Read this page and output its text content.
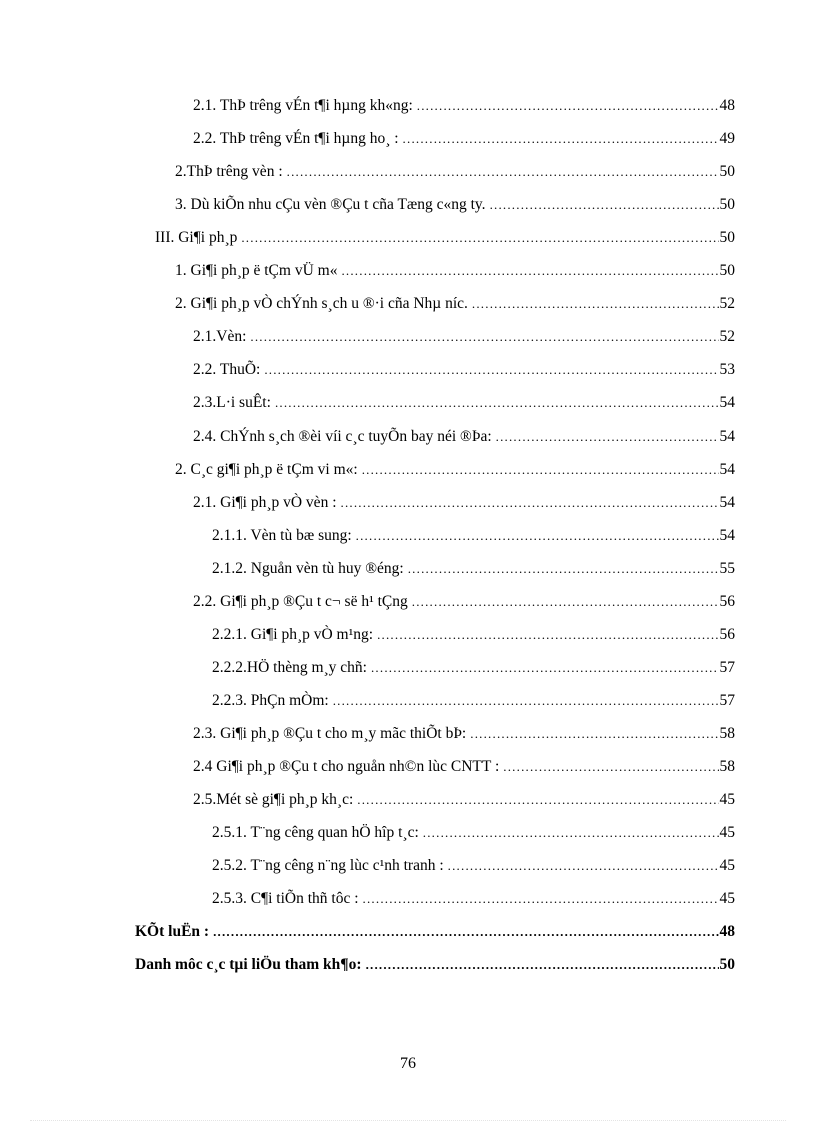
2.1. ThÞ trêng vÉn t¶i hµng kh«ng: .....	48
2.2. ThÞ trêng vÉn t¶i hµng ho¸ : .....	49
2.ThÞ trêng vèn : .....	50
3. Dù kiÕn nhu cÇu vèn ®Çu t cña Tæng c«ng ty. .....	50
III. Gi¶i ph¸p .....	50
1. Gi¶i ph¸p ë tÇm vÜ m« .....	50
2. Gi¶i ph¸p vÒ chÝnh s¸ch u ®·i cña Nhµ níc. .....	52
2.1.Vèn: .....	52
2.2. ThuÕ: .....	53
2.3.L·i suÊt: .....	54
2.4. ChÝnh s¸ch ®èi víi c¸c tuyÕn bay néi ®Þa: .....	54
2. C¸c gi¶i ph¸p ë tÇm vi m«: .....	54
2.1. Gi¶i ph¸p vÒ vèn : .....	54
2.1.1. Vèn tù bæ sung: .....	54
2.1.2. Nguån vèn tù huy ®éng: .....	55
2.2. Gi¶i ph¸p ®Çu t c¬ së h¹ tÇng .....	56
2.2.1. Gi¶i ph¸p vÒ m¹ng: .....	56
2.2.2.HÖ thèng m¸y chñ: .....	57
2.2.3. PhÇn mÒm: .....	57
2.3. Gi¶i ph¸p ®Çu t cho m¸y mãc thiÕt bÞ: .....	58
2.4 Gi¶i ph¸p ®Çu t cho nguån nh©n lùc CNTT : .....	58
2.5.Mét sè gi¶i ph¸p kh¸c: .....	45
2.5.1. T¨ng cêng quan hÖ hîp t¸c: .....	45
2.5.2. T¨ng cêng n¨ng lùc c¹nh tranh : .....	45
2.5.3. C¶i tiÕn thñ tôc : .....	45
KÕt luËn : .....	48
Danh môc c¸c tµi liÖu tham kh¶o: .....	50
76
